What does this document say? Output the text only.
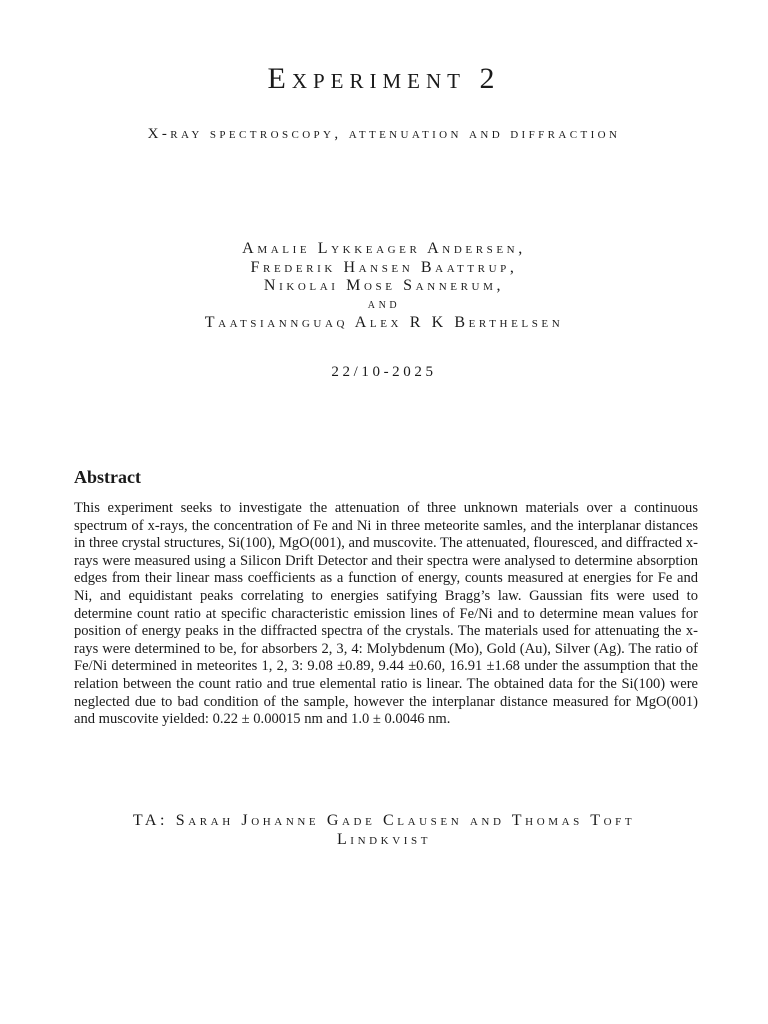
Experiment 2
X-ray spectroscopy, attenuation and diffraction
Amalie Lykkeager Andersen,
Frederik Hansen Baattrup,
Nikolai Mose Sannerum,
and
Taatsiannguaq Alex R K Berthelsen
22/10-2025
Abstract

This experiment seeks to investigate the attenuation of three unknown materials over a continuous spectrum of x-rays, the concentration of Fe and Ni in three meteorite samles, and the interplanar distances in three crystal structures, Si(100), MgO(001), and muscovite. The attenuated, flouresced, and diffracted x-rays were measured using a Silicon Drift Detector and their spectra were analysed to determine absorption edges from their linear mass coefficients as a function of energy, counts measured at energies for Fe and Ni, and equidistant peaks correlating to energies satifying Bragg’s law. Gaussian fits were used to determine count ratio at specific characteristic emission lines of Fe/Ni and to determine mean values for position of energy peaks in the diffracted spectra of the crystals. The materials used for attenuating the x-rays were determined to be, for absorbers 2, 3, 4: Molybdenum (Mo), Gold (Au), Silver (Ag). The ratio of Fe/Ni determined in meteorites 1, 2, 3: 9.08 ±0.89, 9.44 ±0.60, 16.91 ±1.68 under the assumption that the relation between the count ratio and true elemental ratio is linear. The obtained data for the Si(100) were neglected due to bad condition of the sample, however the interplanar distance measured for MgO(001) and muscovite yielded: 0.22 ± 0.00015 nm and 1.0 ± 0.0046 nm.

TA: Sarah Johanne Gade Clausen and Thomas Toft
Lindkvist
